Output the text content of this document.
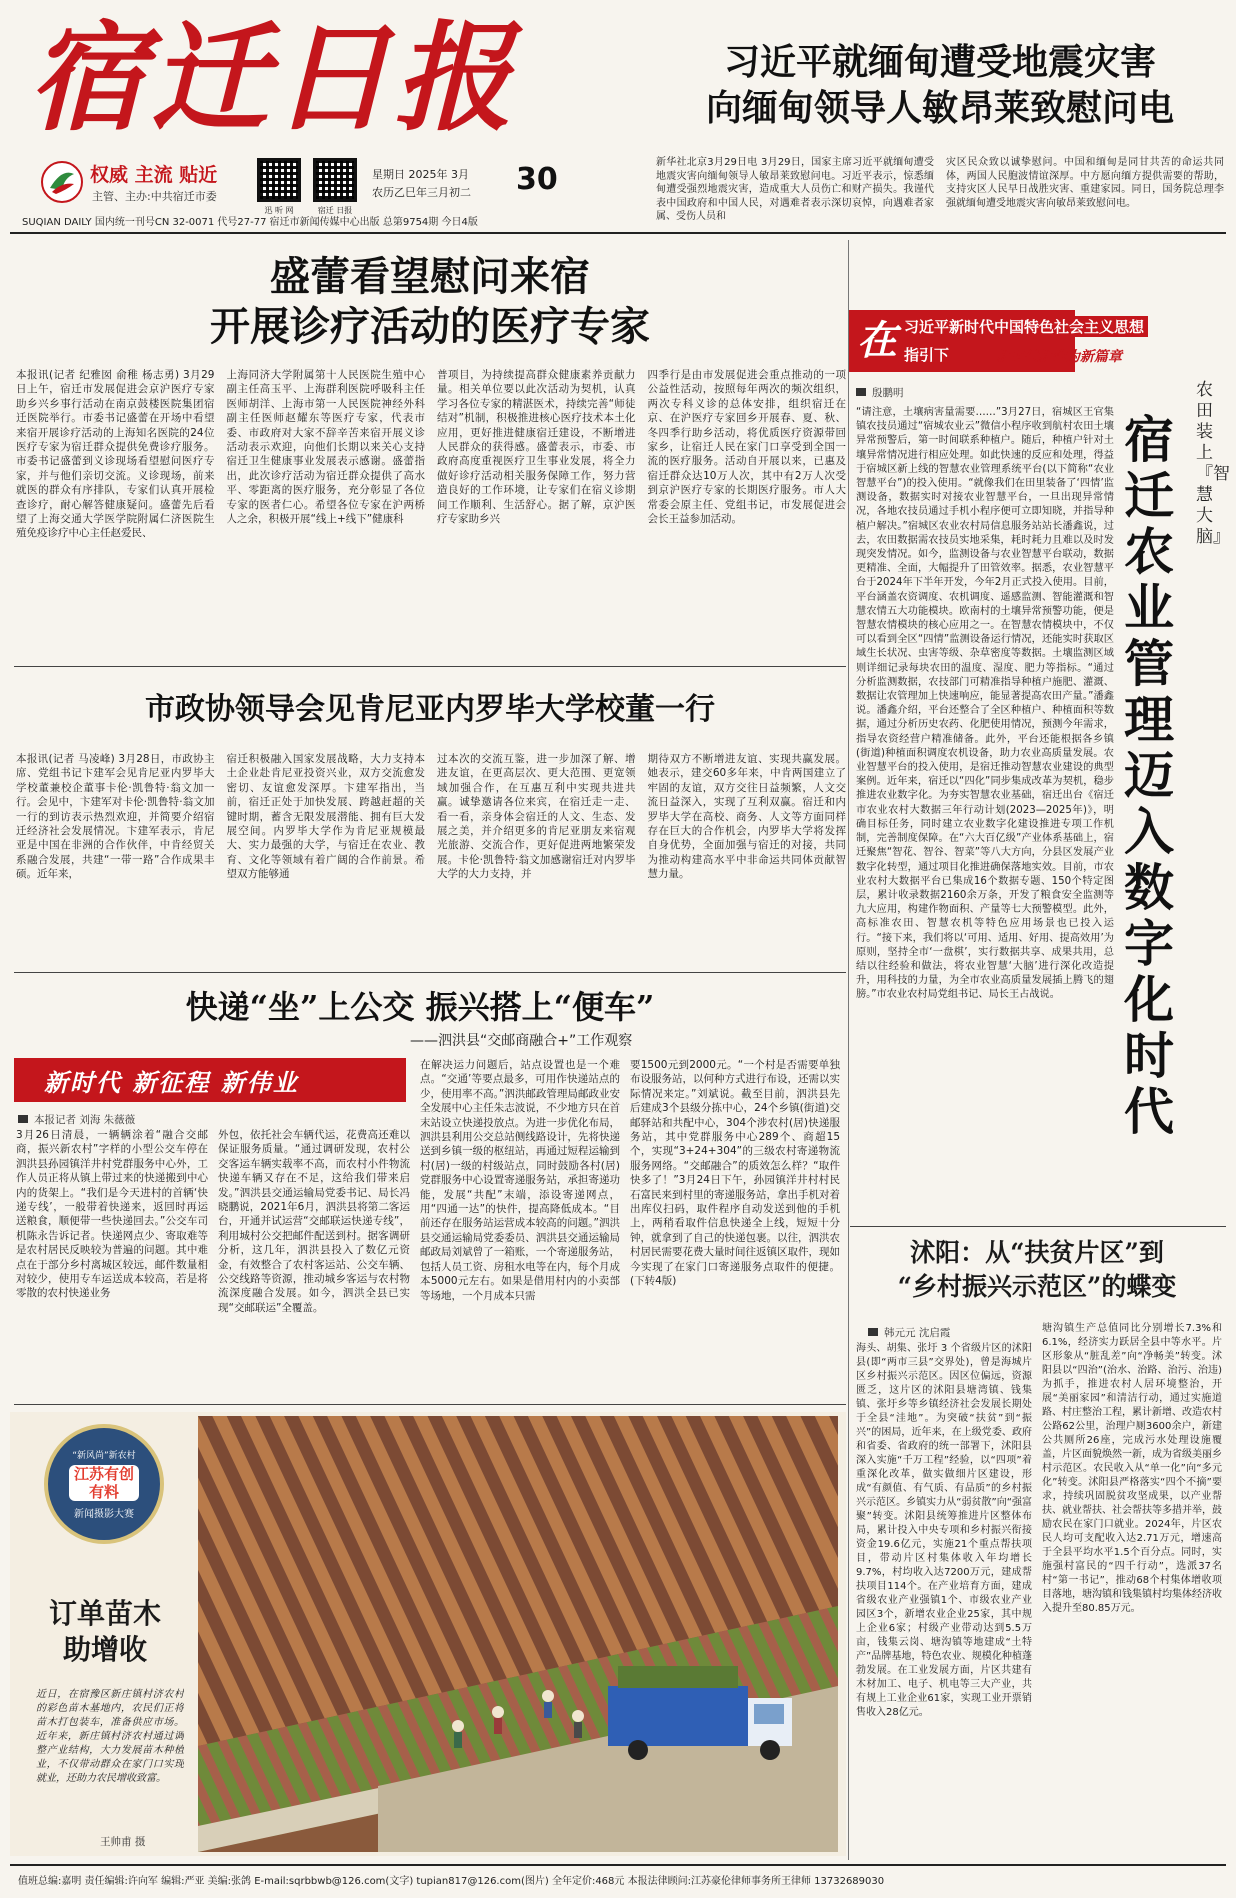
宿迁日报
权威 主流 贴近
主管、主办:中共宿迁市委
迅 听 网	宿迁 日报
星期日 2025年 3月
农历乙巳年三月初二 30
SUQIAN DAILY 国内统一刊号CN 32-0071 代号27-77 宿迁市新闻传媒中心出版 总第9754期 今日4版
习近平就缅甸遭受地震灾害
向缅甸领导人敏昂莱致慰问电
新华社北京3月29日电 3月29日，国家主席习近平就缅甸遭受地震灾害向缅甸领导人敏昂莱致慰问电。习近平表示，惊悉缅甸遭受强烈地震灾害，造成重大人员伤亡和财产损失。我谨代表中国政府和中国人民，对遇难者表示深切哀悼，向遇难者家属、受伤人员和
灾区民众致以诚挚慰问。中国和缅甸是同甘共苦的命运共同体，两国人民胞波情谊深厚。中方愿向缅方提供需要的帮助，支持灾区人民早日战胜灾害、重建家园。同日，国务院总理李强就缅甸遭受地震灾害向敏昂莱致慰问电。
盛蕾看望慰问来宿
开展诊疗活动的医疗专家
本报讯(记者 纪雅囡 俞稚 杨志勇) 3月29日上午，宿迁市发展促进会京沪医疗专家助乡兴乡事行活动在南京鼓楼医院集团宿迁医院举行。市委书记盛蕾在开场中看望来宿开展诊疗活动的上海知名医院的24位医疗专家为宿迁群众提供免费诊疗服务。市委书记盛蕾到义诊现场看望慰问医疗专家，并与他们亲切交流。义诊现场，前来就医的群众有序排队，专家们认真开展检查诊疗，耐心解答健康疑问。盛蕾先后看望了上海交通大学医学院附属仁济医院生殖免疫诊疗中心主任赵爱民、
上海同济大学附属第十人民医院生殖中心副主任高玉平、上海群利医院呼吸科主任医师胡洋、上海市第一人民医院神经外科副主任医师赵耀东等医疗专家，代表市委、市政府对大家不辞辛苦来宿开展义诊活动表示欢迎，向他们长期以来关心支持宿迁卫生健康事业发展表示感谢。盛蕾指出，此次诊疗活动为宿迁群众提供了高水平、零距离的医疗服务，充分彰显了各位专家的医者仁心。希望各位专家在沪两桥人之余，积极开展“线上+线下”健康科
普项目，为持续提高群众健康素养贡献力量。相关单位要以此次活动为契机，认真学习各位专家的精湛医术，持续完善“师徒结对”机制，积极推进核心医疗技术本土化应用，更好推进健康宿迁建设，不断增进人民群众的获得感。盛蕾表示，市委、市政府高度重视医疗卫生事业发展，将全力做好诊疗活动相关服务保障工作，努力营造良好的工作环境，让专家们在宿义诊期间工作顺利、生活舒心。据了解，京沪医疗专家助乡兴
四季行是由市发展促进会重点推动的一项公益性活动，按照每年两次的频次组织，两次专科义诊的总体安排，组织宿迁在京、在沪医疗专家回乡开展春、夏、秋、冬四季行助乡活动，将优质医疗资源带回家乡，让宿迁人民在家门口享受到全国一流的医疗服务。活动自开展以来，已惠及宿迁群众达10万人次，其中有2万人次受到京沪医疗专家的长期医疗服务。市人大常委会原主任、党组书记，市发展促进会会长王益参加活动。
市政协领导会见肯尼亚内罗毕大学校董一行
本报讯(记者 马凌峰) 3月28日，市政协主席、党组书记卞建军会见肯尼亚内罗毕大学校董兼校企董事卡伦·凯鲁特·翁文加一行。会见中，卞建军对卡伦·凯鲁特·翁文加一行的到访表示热烈欢迎，并简要介绍宿迁经济社会发展情况。卞建军表示，肯尼亚是中国在非洲的合作伙伴，中肯经贸关系融合发展，共建“一带一路”合作成果丰硕。近年来，
宿迁积极融入国家发展战略，大力支持本土企业赴肯尼亚投资兴业，双方交流愈发密切、友谊愈发深厚。卞建军指出，当前，宿迁正处于加快发展、跨越赶超的关键时期，蓄含无限发展潜能、拥有巨大发展空间。内罗毕大学作为肯尼亚规模最大、实力最强的大学，与宿迁在农业、教育、文化等领域有着广阔的合作前景。希望双方能够通
过本次的交流互鉴，进一步加深了解、增进友谊，在更高层次、更大范围、更宽领域加强合作，在互惠互利中实现共进共赢。诚挚邀请各位来宾，在宿迁走一走、看一看，亲身体会宿迁的人文、生态、发展之美，并介绍更多的肯尼亚朋友来宿观光旅游、交流合作，更好促进两地繁荣发展。卡伦·凯鲁特·翁文加感谢宿迁对内罗毕大学的大力支持，并
期待双方不断增进友谊、实现共赢发展。她表示，建交60多年来，中肯两国建立了牢固的友谊，双方交往日益频繁，人文交流日益深入，实现了互利双赢。宿迁和内罗毕大学在高校、商务、人文等方面同样存在巨大的合作机会，内罗毕大学将发挥自身优势，全面加强与宿迁的对接，共同为推动构建高水平中非命运共同体贡献智慧力量。
快递“坐”上公交 振兴搭上“便车”
——泗洪县“交邮商融合+”工作观察
新时代 新征程 新伟业
本报记者 刘海 朱薇薇
3月26日清晨，一辆辆涂着“融合交邮商，振兴新农村”字样的小型公交车停在泗洪县孙园镇洋井村党群服务中心外，工作人员正将从镇上带过来的快递搬到中心内的货架上。“我们是今天进村的首辆‘快递专线’，一般带着快递来，返回时再运送粮食，顺便带一些快递回去。”公交车司机陈永告诉记者。快递网点少、寄取难等是农村居民反映较为普遍的问题。其中难点在于部分乡村离城区较远，邮件数量相对较少，使用专车运送成本较高，若是将零散的农村快递业务
外包，依托社会车辆代运，花费高还难以保证服务质量。“通过调研发现，农村公交客运车辆实载率不高，而农村小件物流快递车辆又存在不足，这给我们带来启发。”泗洪县交通运输局党委书记、局长冯晓鹏说，2021年6月，泗洪县将第二客运台，开通并试运营“交邮联运快递专线”，利用城村公交把邮件配送到村。据客调研分析，这几年，泗洪县投入了数亿元资金，有效整合了农村客运站、公交车辆、公交线路等资源，推动城乡客运与农村物流深度融合发展。如今，泗洪全县已实现“交邮联运”全覆盖。
在解决运力问题后，站点设置也是一个难点。“交通’等要点最多，可用作快递站点的少，使用率不高。”泗洪邮政管理局邮政业安全发展中心主任朱志波说，不少地方只在首末站设立快递投放点。为进一步优化布局，泗洪县利用公交总站侧线路设计，先将快递送到乡镇一级的枢纽站，再通过短程运输到村(居)一级的村级站点，同时鼓励各村(居)党群服务中心设置寄递服务站，承担寄递功能，发展“共配”末端，添设寄递网点，用“四通一达”的快件，提高降低成本。“目前还存在服务站运营成本较高的问题。”泗洪县交通运输局党委委员、泗洪县交通运输局邮政局刘斌曾了一箱账，一个寄递服务站，包括人员工资、房租水电等在内，每个月成本5000元左右。如果是借用村内的小卖部等场地，一个月成本只需
要1500元到2000元。“一个村是否需要单独布设服务站，以何种方式进行布设，还需以实际情况来定。”刘斌说。截至目前，泗洪县先后建成3个县级分拣中心，24个乡镇(街道)交邮驿站和共配中心，304个涉农村(居)快递服务站，其中党群服务中心289个、商超15个，实现“3+24+304”的三级农村寄递物流服务网络。“交邮融合”的质效怎么样？“取件快多了！”3月24日下午，孙园镇洋井村村民石富民来到村里的寄递服务站，拿出手机对着出库仪扫码，取件程序自动发送到他的手机上，两稍看取件信息快递全上线，短短十分钟，就拿到了自己的快递包裹。以往，泗洪农村居民需要花费大量时间往返镇区取件，现如今实现了在家门口寄递服务点取件的便捷。(下转4版)
“新风尚”新农村
江苏有创有料
新闻摄影大赛
订单苗木
助增收
近日，在宿豫区新庄镇村济农村的彩色苗木基地内，农民们正将苗木打包装车，准备供应市场。近年来，新庄镇村济农村通过调整产业结构，大力发展苗木种植业，不仅带动群众在家门口实现就业，还助力农民增收致富。
王帅甫 摄
在 习近平新时代中国特色社会主义思想
指引下 ——新时代新作为新篇章
殷鹏明	农田装上『智慧大脑』
宿迁农业管理迈入数字化时代
“请注意，土壤病害量需要……”3月27日，宿城区王官集镇农技员通过“宿城农业云”微信小程序收到航村农田土壤异常预警后，第一时间联系种植户。随后，种植户针对土壤异常情况进行相应处理。如此快速的反应和处理，得益于宿城区新上线的智慧农业管理系统平台(以下简称“农业智慧平台”)的投入使用。“就像我们在田里装备了‘四情’监测设备，数据实时对接农业智慧平台，一旦出现异常情况，各地农技员通过手机小程序便可立即知晓，并指导种植户解决。”宿城区农业农村局信息服务站站长潘鑫说，过去，农田数据需农技员实地采集，耗时耗力且难以及时发现突发情况。如今，监测设备与农业智慧平台联动，数据更精准、全面，大幅提升了田管效率。据悉，农业智慧平台于2024年下半年开发，今年2月正式投入使用。目前，平台涵盖农资调度、农机调度、遥感监测、智能灌溉和智慧农情五大功能模块。欧南村的土壤异常预警功能，便是智慧农情模块的核心应用之一。在智慧农情模块中，不仅可以看到全区“四情”监测设备运行情况，还能实时获取区域生长状况、虫害等级、杂草密度等数据。土壤监测区域则详细记录每块农田的温度、湿度、肥力等指标。“通过分析监测数据，农技部门可精准指导种植户施肥、灌溉、数据让农管理加上快速响应，能显著提高农田产量。”潘鑫说。潘鑫介绍，平台还整合了全区种植户、种植面积等数据，通过分析历史农药、化肥使用情况，预测今年需求，指导农资经营户精准储备。此外，平台还能根据各乡镇(街道)种植面积调度农机设备，助力农业高质量发展。农业智慧平台的投入使用，是宿迁推动智慧农业建设的典型案例。近年来，宿迁以“四化”同步集成改革为契机，稳步推进农业数字化。为夯实智慧农业基础，宿迁出台《宿迁市农业农村大数据三年行动计划(2023—2025年)》，明确目标任务，同时建立农业数字化建设推进专项工作机制，完善制度保障。在“六大百亿级”产业体系基础上，宿迁聚焦“智花、智谷、智菜”等八大方向，分县区发展产业数字化转型，通过项目化推进确保落地实效。目前，市农业农村大数据平台已集成16个数据专题、150个特定图层，累计收录数据2160余万条，开发了粮食安全监测等九大应用，构建作物面积、产量等七大预警模型。此外，高标准农田、智慧农机等特色应用场景也已投入运行。“接下来，我们将以‘可用、适用、好用、提高效用’为原则，坚持全市‘一盘棋’，实行数据共享、成果共用，总结以往经验和做法，将农业智慧‘大脑’进行深化改造提升，用科技的力量，为全市农业高质量发展插上腾飞的翅膀。”市农业农村局党组书记、局长王占战说。
沭阳：从“扶贫片区”到
“乡村振兴示范区”的蝶变
韩元元 沈启霞
海头、胡集、张圩 3 个省级片区的沭阳县(即“两市三县”交界处)，曾是海城片区乡村振兴示范区。因区位偏远，资源匮乏，这片区的沭阳县塘湾镇、钱集镇、张圩乡等乡镇经济社会发展长期处于全县“洼地”。为突破“扶贫”到“振兴”的困局，近年来，在上级党委、政府和省委、省政府的统一部署下，沭阳县深入实施“千万工程”经验，以“四项”着重深化改革，做实做细片区建设，形成“有颜值、有气质、有品质”的乡村振兴示范区。乡镇实力从“弱贫散”向“强富聚”转变。沭阳县统筹推进片区整体布局，累计投入中央专项和乡村振兴衔接资金19.6亿元，实施21个重点帮扶项目，带动片区村集体收入年均增长9.7%，村均收入达7200万元，建成帮扶项目114个。在产业培育方面，建成省级农业产业强镇1个、市级农业产业园区3个，新增农业企业25家，其中规上企业6家；村级产业带动达到5.5万亩，钱集云岗、塘沟镇等地建成“土特产”品牌基地，特色农业、规模化种植蓬勃发展。在工业发展方面，片区共建有木材加工、电子、机电等三大产业，共有规上工业企业61家，实现工业开票销售收入28亿元。
塘沟镇生产总值同比分别增长7.3%和6.1%，经济实力跃居全县中等水平。片区形象从“脏乱差”向“净畅美”转变。沭阳县以“四治”(治水、治路、治污、治违)为抓手，推进农村人居环境整治，开展“美丽家园”和清洁行动，通过实施道路、村庄整治工程，累计新增、改造农村公路62公里，治理户厕3600余户，新建公共厕所26座，完成污水处理设施覆盖，片区面貌焕然一新，成为省级美丽乡村示范区。农民收入从“单一化”向“多元化”转变。沭阳县严格落实“四个不摘”要求，持续巩固脱贫攻坚成果，以产业帮扶、就业帮扶、社会帮扶等多措并举，鼓励农民在家门口就业。2024年，片区农民人均可支配收入达2.71万元，增速高于全县平均水平1.5个百分点。同时，实施强村富民的“四千行动”，选派37名村“第一书记”，推动68个村集体增收项目落地，塘沟镇和钱集镇村均集体经济收入提升至80.85万元。
值班总编:嘉明 责任编辑:许向军 编辑:严亚 美编:张鸽 E-mail:sqrbbwb@126.com(文字) tupian817@126.com(图片) 全年定价:468元 本报法律顾问:江苏豪伦律师事务所王律师 13732689030
